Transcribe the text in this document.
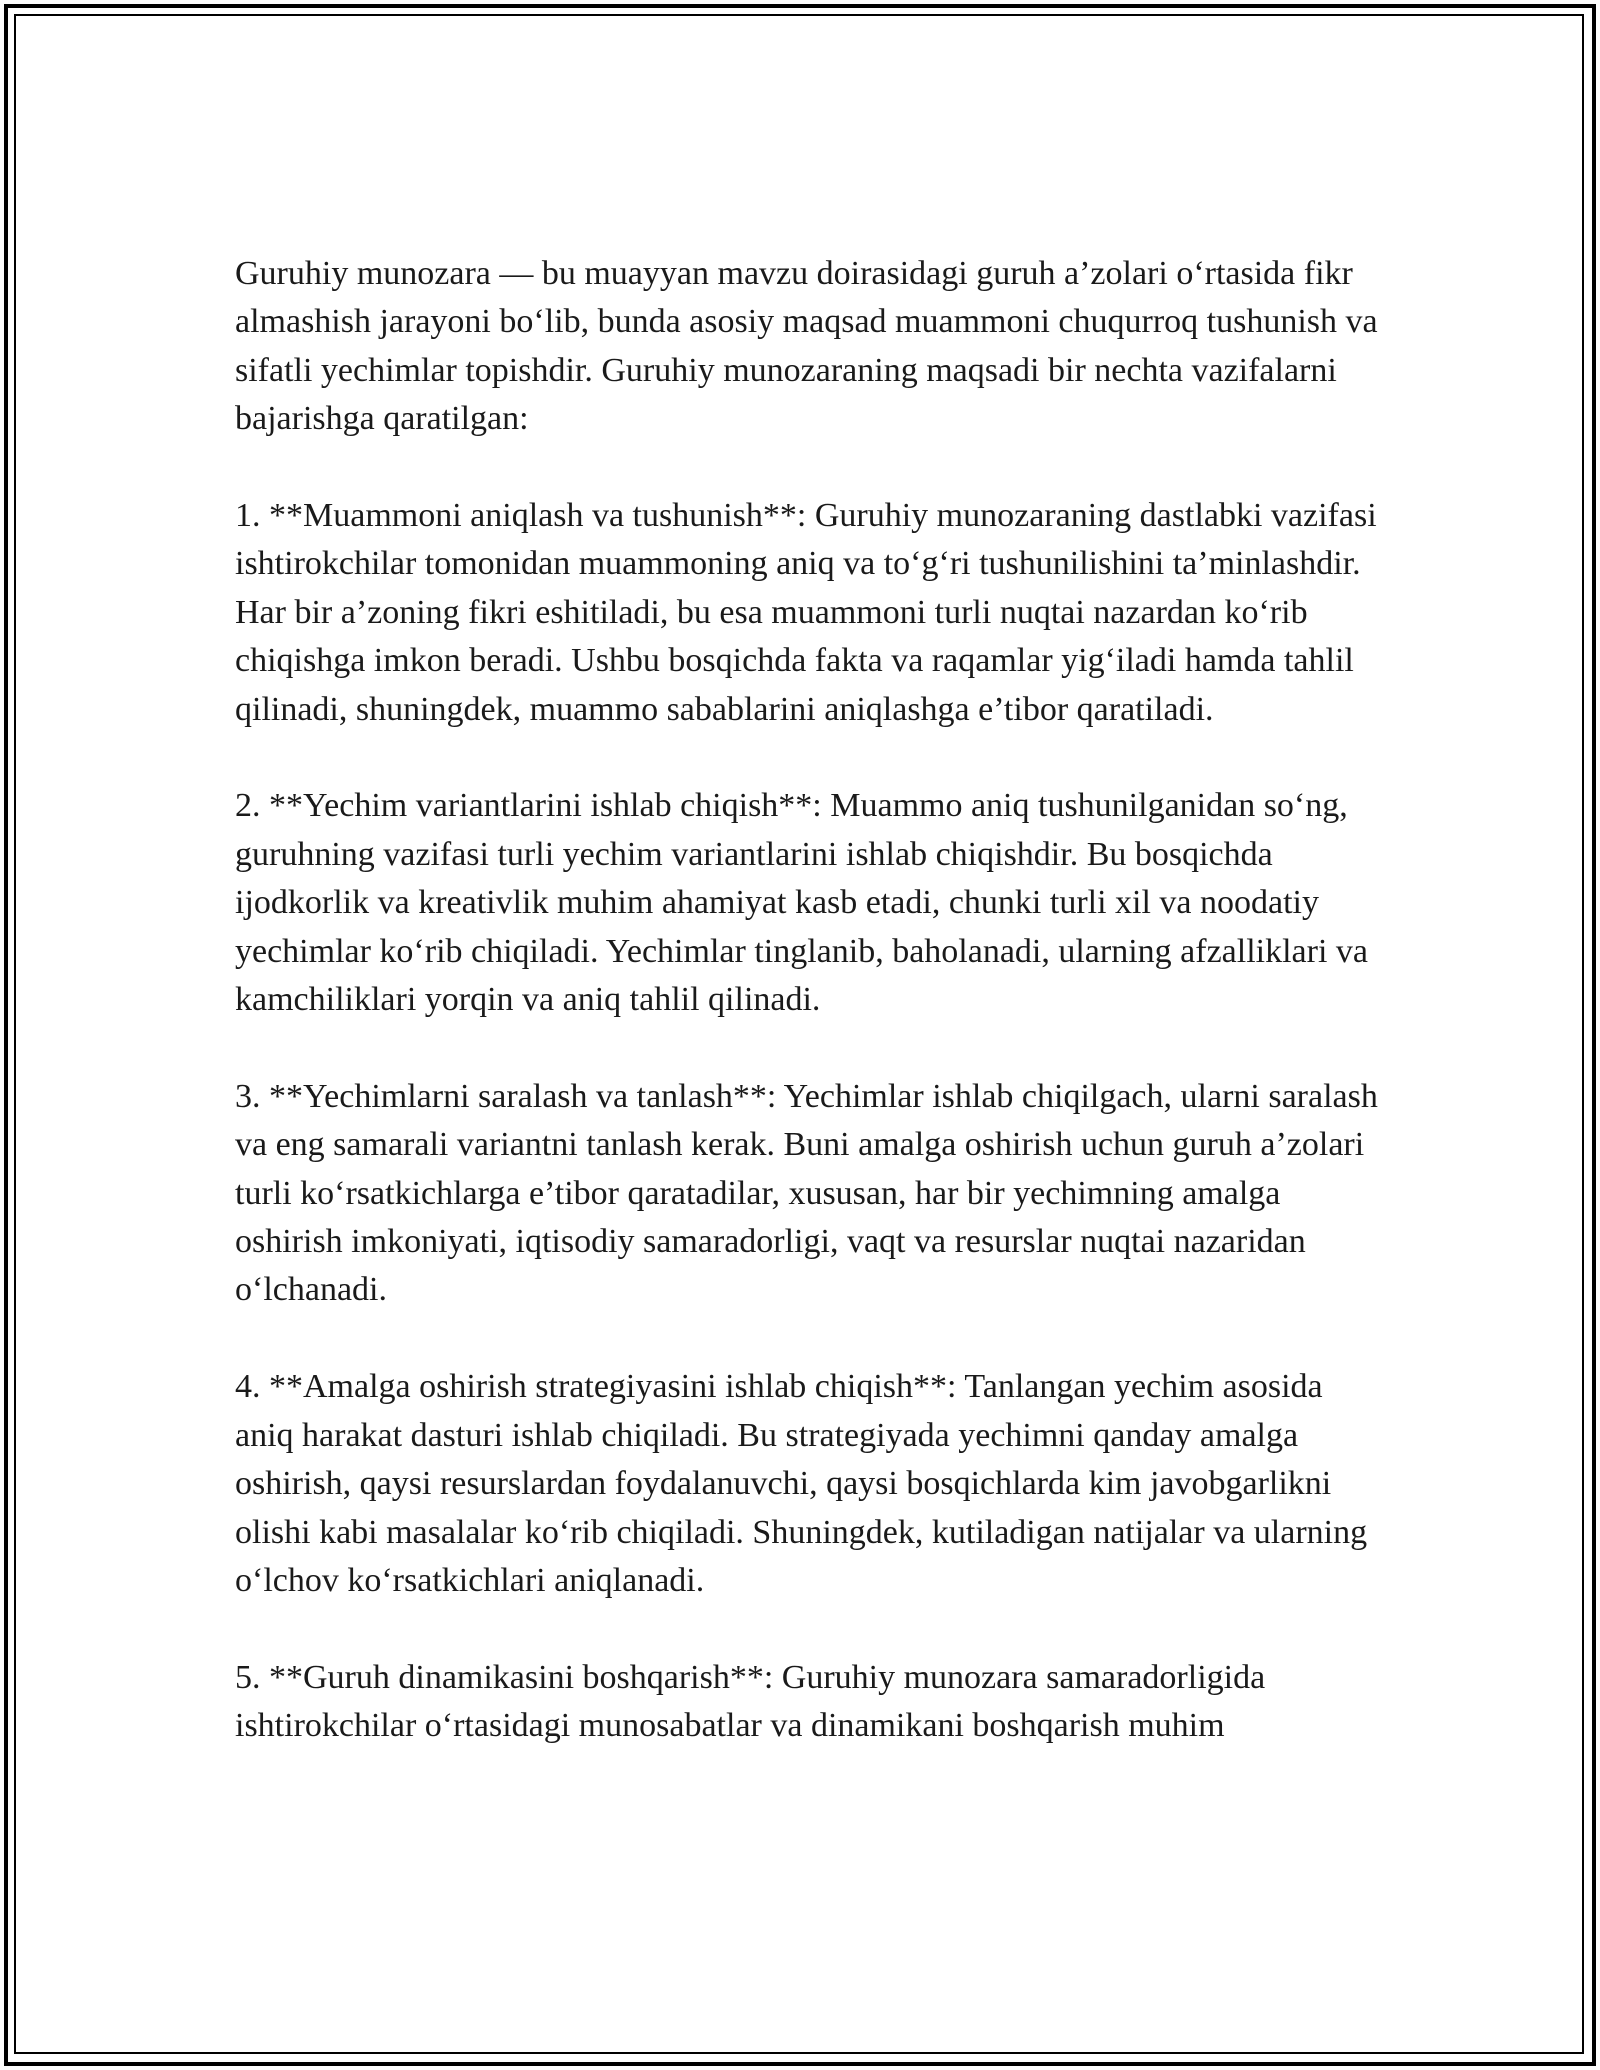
Guruhiy munozara — bu muayyan mavzu doirasidagi guruh a’zolari o‘rtasida fikr almashish jarayoni bo‘lib, bunda asosiy maqsad muammoni chuqurroq tushunish va sifatli yechimlar topishdir. Guruhiy munozaraning maqsadi bir nechta vazifalarni bajarishga qaratilgan:

1. **Muammoni aniqlash va tushunish**: Guruhiy munozaraning dastlabki vazifasi ishtirokchilar tomonidan muammoning aniq va to‘g‘ri tushunilishini ta’minlashdir. Har bir a’zoning fikri eshitiladi, bu esa muammoni turli nuqtai nazardan ko‘rib chiqishga imkon beradi. Ushbu bosqichda fakta va raqamlar yig‘iladi hamda tahlil qilinadi, shuningdek, muammo sabablarini aniqlashga e’tibor qaratiladi.

2. **Yechim variantlarini ishlab chiqish**: Muammo aniq tushunilganidan so‘ng, guruhning vazifasi turli yechim variantlarini ishlab chiqishdir. Bu bosqichda ijodkorlik va kreativlik muhim ahamiyat kasb etadi, chunki turli xil va noodatiy yechimlar ko‘rib chiqiladi. Yechimlar tinglanib, baholanadi, ularning afzalliklari va kamchiliklari yorqin va aniq tahlil qilinadi.

3. **Yechimlarni saralash va tanlash**: Yechimlar ishlab chiqilgach, ularni saralash va eng samarali variantni tanlash kerak. Buni amalga oshirish uchun guruh a’zolari turli ko‘rsatkichlarga e’tibor qaratadilar, xususan, har bir yechimning amalga oshirish imkoniyati, iqtisodiy samaradorligi, vaqt va resurslar nuqtai nazaridan o‘lchanadi.

4. **Amalga oshirish strategiyasini ishlab chiqish**: Tanlangan yechim asosida aniq harakat dasturi ishlab chiqiladi. Bu strategiyada yechimni qanday amalga oshirish, qaysi resurslardan foydalanuvchi, qaysi bosqichlarda kim javobgarlikni olishi kabi masalalar ko‘rib chiqiladi. Shuningdek, kutiladigan natijalar va ularning o‘lchov ko‘rsatkichlari aniqlanadi.

5. **Guruh dinamikasini boshqarish**: Guruhiy munozara samaradorligida ishtirokchilar o‘rtasidagi munosabatlar va dinamikani boshqarish muhim
